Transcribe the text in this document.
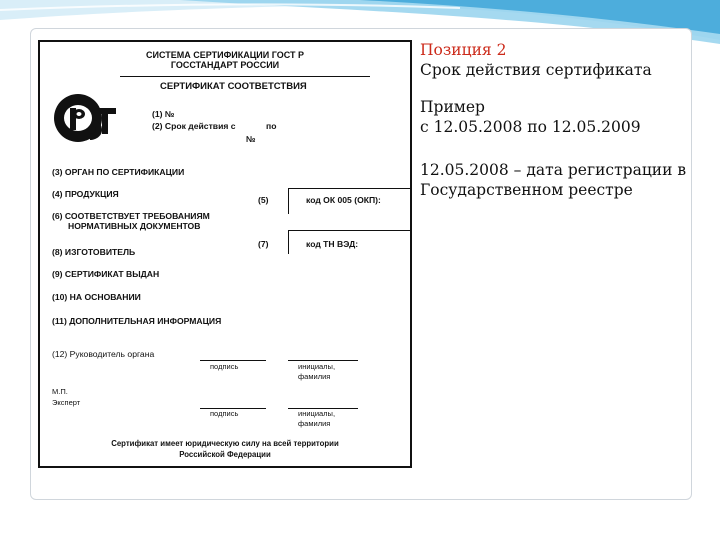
СИСТЕМА СЕРТИФИКАЦИИ ГОСТ Р
ГОССТАНДАРТ РОССИИ
СЕРТИФИКАТ СООТВЕТСТВИЯ
(1) №
(2) Срок действия с	по
№
(3) ОРГАН ПО СЕРТИФИКАЦИИ
(4) ПРОДУКЦИЯ
(5)	код ОК 005 (ОКП):
(6) СООТВЕТСТВУЕТ ТРЕБОВАНИЯМ
НОРМАТИВНЫХ ДОКУМЕНТОВ
(7)	код ТН ВЭД:
(8) ИЗГОТОВИТЕЛЬ
(9) СЕРТИФИКАТ ВЫДАН
(10) НА ОСНОВАНИИ
(11) ДОПОЛНИТЕЛЬНАЯ ИНФОРМАЦИЯ
(12) Руководитель органа
подпись	инициалы,
фамилия
М.П.
Эксперт
подпись	инициалы,
фамилия
Сертификат имеет юридическую силу на всей территории
Российской Федерации

Позиция 2

Срок действия сертификата

Пример

с 12.05.2008 по 12.05.2009

12.05.2008 – дата регистрации в Государственном реестре
